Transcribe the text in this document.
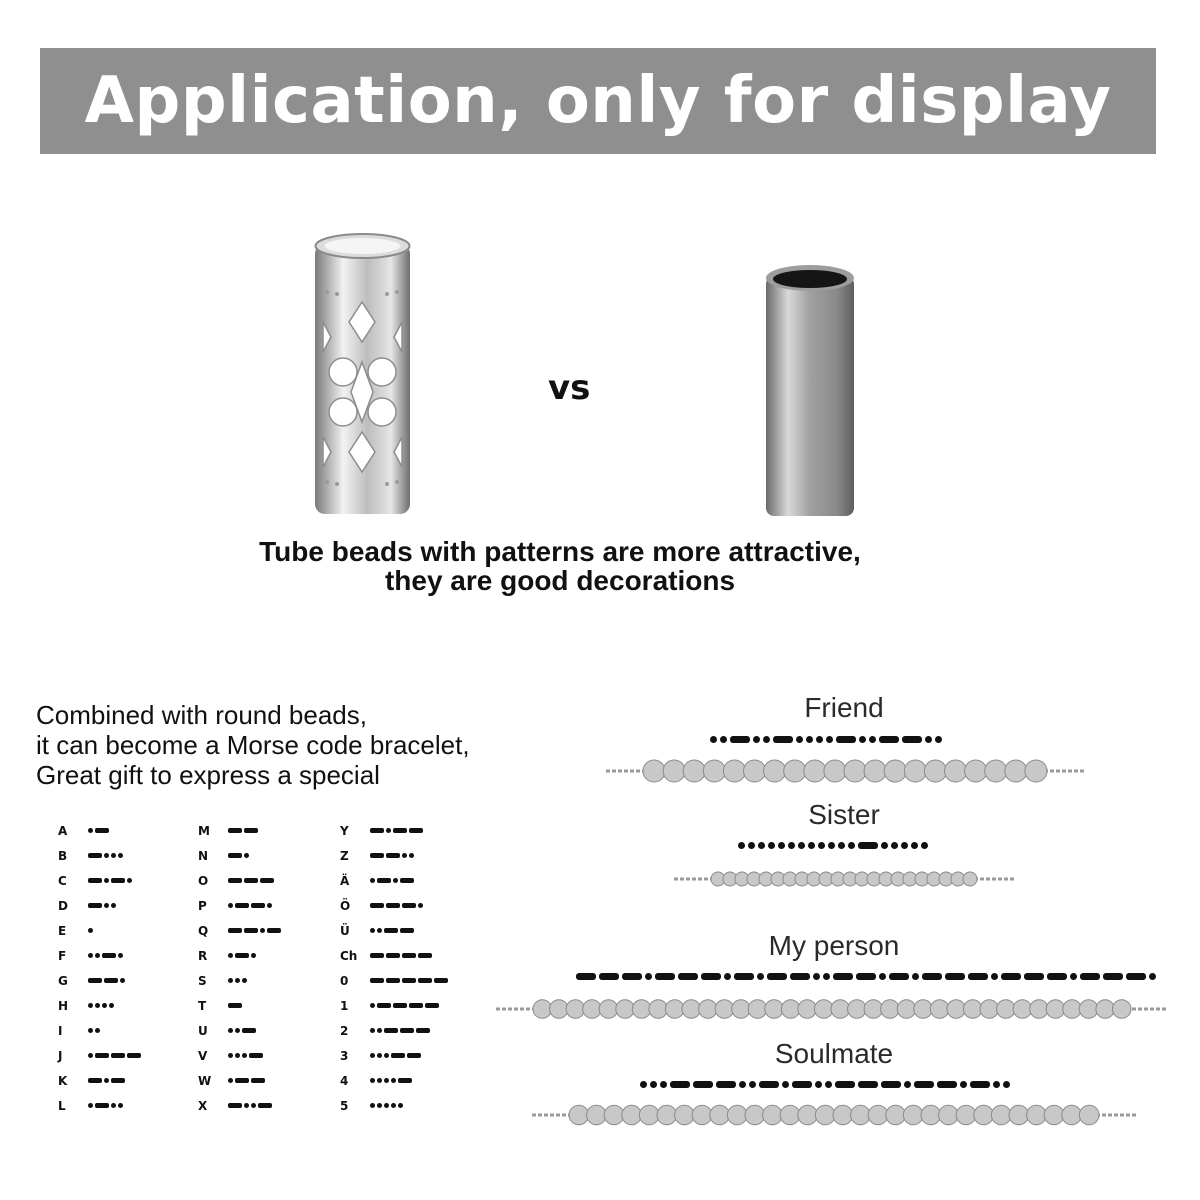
Application, only for display
vs
Tube beads with patterns are more attractive,
they are good decorations
Combined with round beads,
it can become a Morse code bracelet,
Great gift to express a special
A
B
C
D
E
F
G
H
I
J
K
L
M
N
O
P
Q
R
S
T
U
V
W
X
Y
Z
Ä
Ö
Ü
Ch
0
1
2
3
4
5
Friend
Sister
My person
Soulmate
